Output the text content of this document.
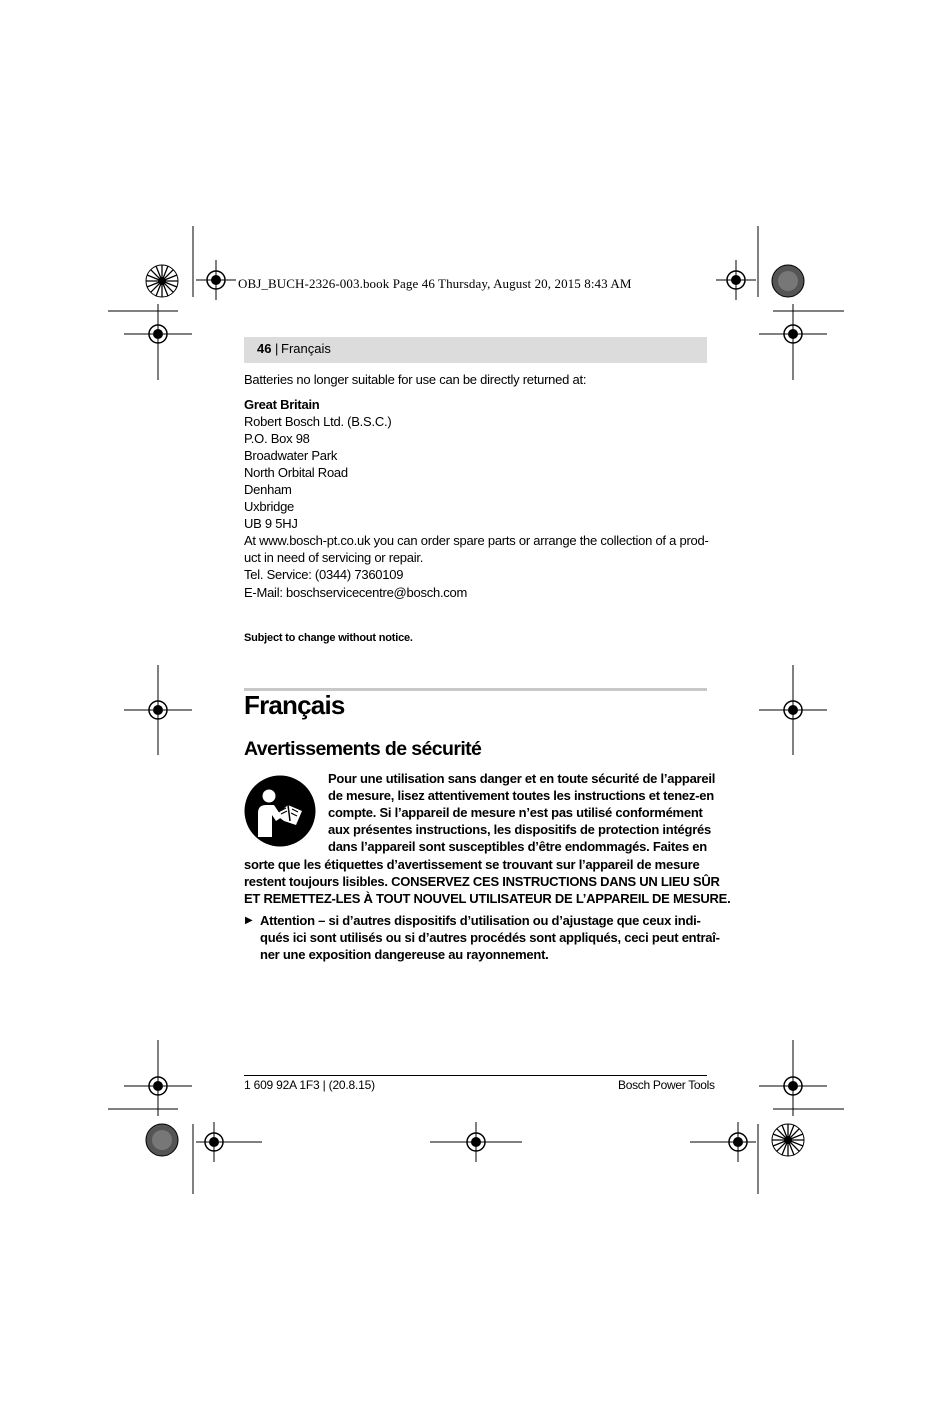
OBJ_BUCH-2326-003.book Page 46 Thursday, August 20, 2015 8:43 AM
46 | Français
Batteries no longer suitable for use can be directly returned at:
Great Britain
Robert Bosch Ltd. (B.S.C.)
P.O. Box 98
Broadwater Park
North Orbital Road
Denham
Uxbridge
UB 9 5HJ
At www.bosch-pt.co.uk you can order spare parts or arrange the collection of a prod-
uct in need of servicing or repair.
Tel. Service: (0344) 7360109
E-Mail: boschservicecentre@bosch.com
Subject to change without notice.
Français
Avertissements de sécurité
Pour une utilisation sans danger et en toute sécurité de l’appareil
de mesure, lisez attentivement toutes les instructions et tenez-en
compte. Si l’appareil de mesure n’est pas utilisé conformément
aux présentes instructions, les dispositifs de protection intégrés
dans l’appareil sont susceptibles d’être endommagés. Faites en
sorte que les étiquettes d’avertissement se trouvant sur l’appareil de mesure
restent toujours lisibles. CONSERVEZ CES INSTRUCTIONS DANS UN LIEU SÛR
ET REMETTEZ-LES À TOUT NOUVEL UTILISATEUR DE L’APPAREIL DE MESURE.
▶ Attention – si d’autres dispositifs d’utilisation ou d’ajustage que ceux indi-
qués ici sont utilisés ou si d’autres procédés sont appliqués, ceci peut entraî-
ner une exposition dangereuse au rayonnement.
1 609 92A 1F3 | (20.8.15)	Bosch Power Tools
